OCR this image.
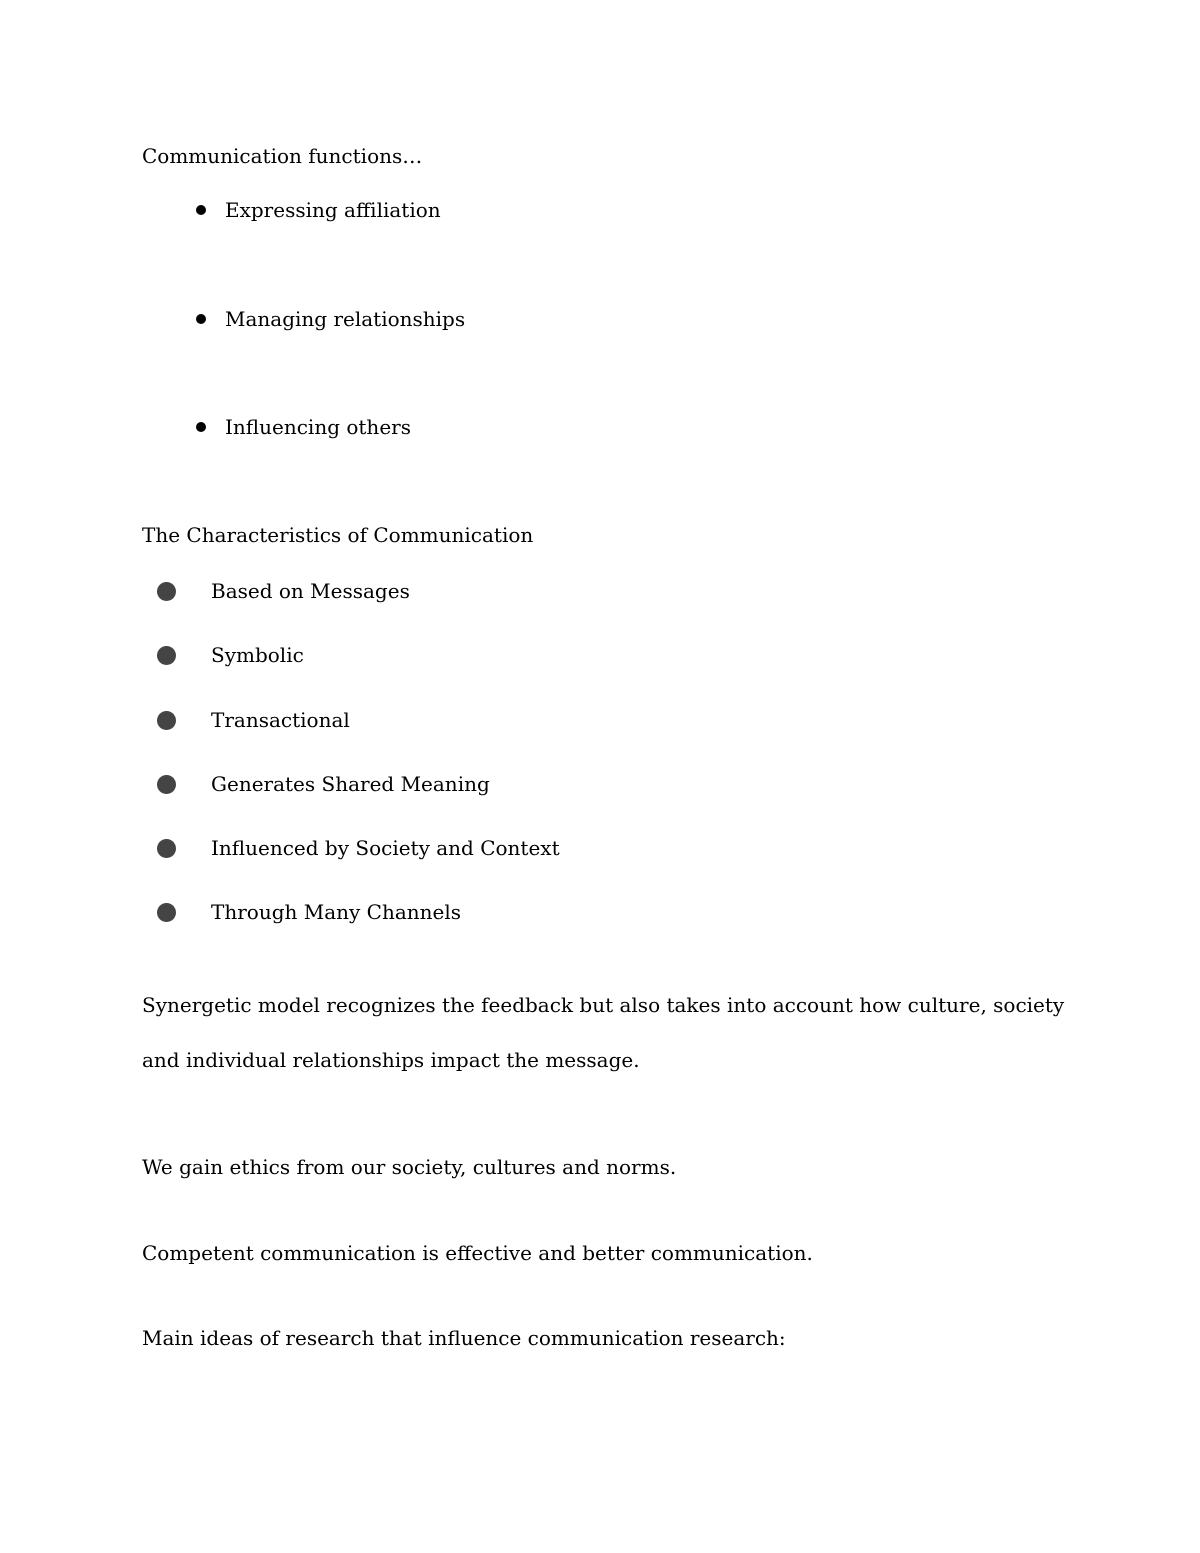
Communication functions…
Expressing affiliation
Managing relationships
Influencing others
The Characteristics of Communication
Based on Messages
Symbolic
Transactional
Generates Shared Meaning
Influenced by Society and Context
Through Many Channels
Synergetic model recognizes the feedback but also takes into account how culture, society
and individual relationships impact the message.
We gain ethics from our society, cultures and norms.
Competent communication is effective and better communication.
Main ideas of research that influence communication research:
